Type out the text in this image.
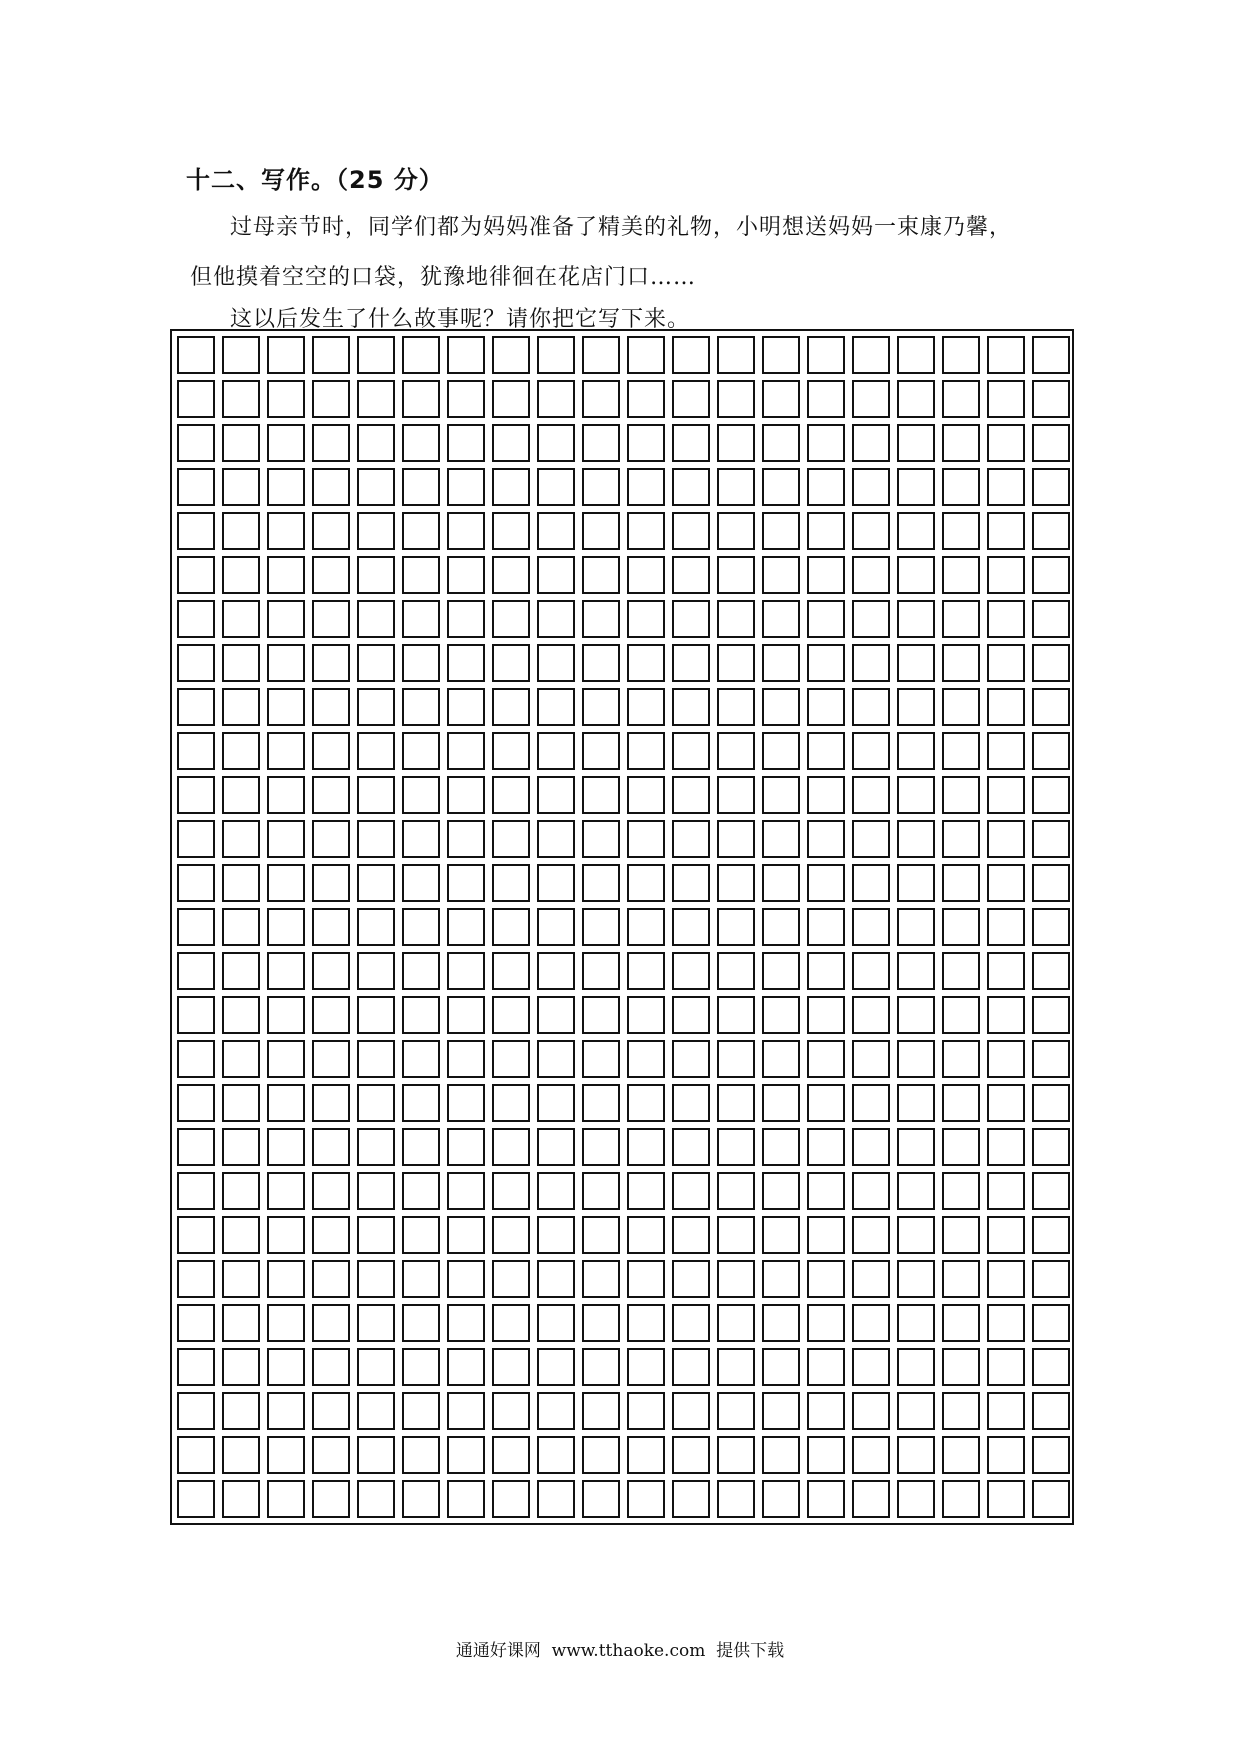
十二、写作。（25 分）
过母亲节时，同学们都为妈妈准备了精美的礼物，小明想送妈妈一束康乃馨，
但他摸着空空的口袋，犹豫地徘徊在花店门口……
这以后发生了什么故事呢？请你把它写下来。
通通好课网  www.tthaoke.com  提供下载
